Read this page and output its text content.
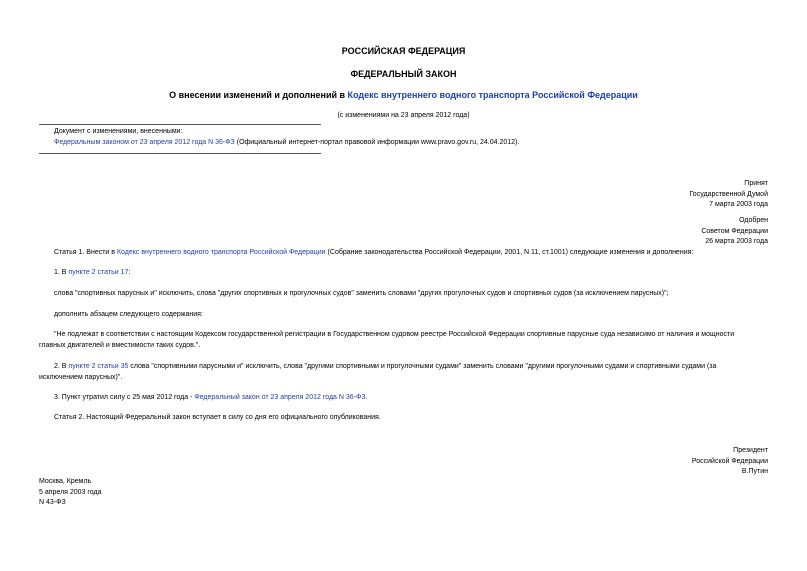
РОССИЙСКАЯ ФЕДЕРАЦИЯ
ФЕДЕРАЛЬНЫЙ ЗАКОН
О внесении изменений и дополнений в Кодекс внутреннего водного транспорта Российской Федерации
(с изменениями на 23 апреля 2012 года)
Документ с изменениями, внесенными:
Федеральным законом от 23 апреля 2012 года N 36-ФЗ (Официальный интернет-портал правовой информации www.pravo.gov.ru, 24.04.2012).
Принят
Государственной Думой
7 марта 2003 года
Одобрен
Советом Федерации
26 марта 2003 года
Статья 1. Внести в Кодекс внутреннего водного транспорта Российской Федерации (Собрание законодательства Российской Федерации, 2001, N 11, ст.1001) следующие изменения и дополнения:
1. В пункте 2 статьи 17:
слова "спортивных парусных и" исключить, слова "других спортивных и прогулочных судов" заменить словами "других прогулочных судов и спортивных судов (за исключением парусных)";
дополнить абзацем следующего содержания:
"Не подлежат в соответствии с настоящим Кодексом государственной регистрации в Государственном судовом реестре Российской Федерации спортивные парусные суда независимо от наличия и мощности
главных двигателей и вместимости таких судов.".
2. В пункте 2 статьи 35 слова "спортивными парусными и" исключить, слова "другими спортивными и прогулочными судами" заменить словами "другими прогулочными судами и спортивными судами (за
исключением парусных)".
3. Пункт утратил силу с 25 мая 2012 года - Федеральный закон от 23 апреля 2012 года N 36-ФЗ.
Статья 2. Настоящий Федеральный закон вступает в силу со дня его официального опубликования.
Президент
Российской Федерации
В.Путин
Москва, Кремль
5 апреля 2003 года
N 43-ФЗ
